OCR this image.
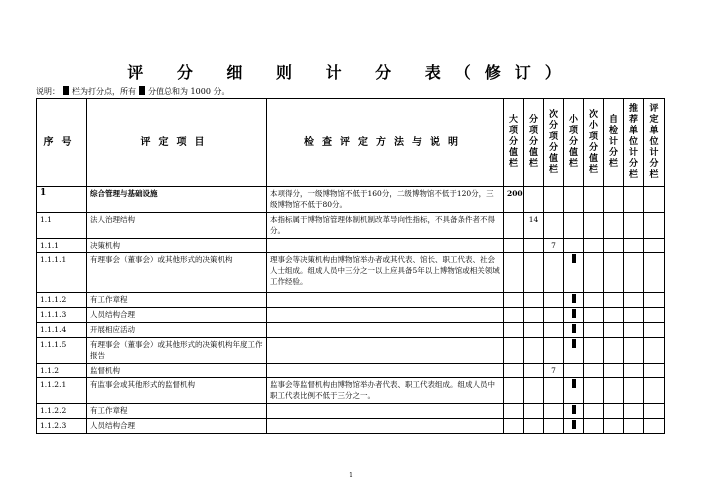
评 分 细 则 计 分 表（修订）
说明： 栏为打分点，所有 分值总和为 1000 分。
序号	评定项目	检查评定方法与说明	大项分值栏	分项分值栏	次分项分值栏	小项分值栏	次小项分值栏	自检计分栏	推荐单位计分栏	评定单位计分栏
1	综合管理与基础设施	本项得分，一级博物馆不低于160分，二级博物馆不低于120分，三级博物馆不低于80分。	200							
1.1	法人治理结构	本指标属于博物馆管理体制机制改革导向性指标，不具备条件者不得分。		14						
1.1.1	决策机构				7					
1.1.1.1	有理事会（董事会）或其他形式的决策机构	理事会等决策机构由博物馆举办者或其代表、馆长、职工代表、社会人士组成。组成人员中三分之一以上应具备5年以上博物馆或相关领域工作经验。								
1.1.1.2	有工作章程									
1.1.1.3	人员结构合理									
1.1.1.4	开展相应活动									
1.1.1.5	有理事会（董事会）或其他形式的决策机构年度工作报告									
1.1.2	监督机构				7					
1.1.2.1	有监事会或其他形式的监督机构	监事会等监督机构由博物馆举办者代表、职工代表组成。组成人员中职工代表比例不低于三分之一。								
1.1.2.2	有工作章程									
1.1.2.3	人员结构合理									
1
